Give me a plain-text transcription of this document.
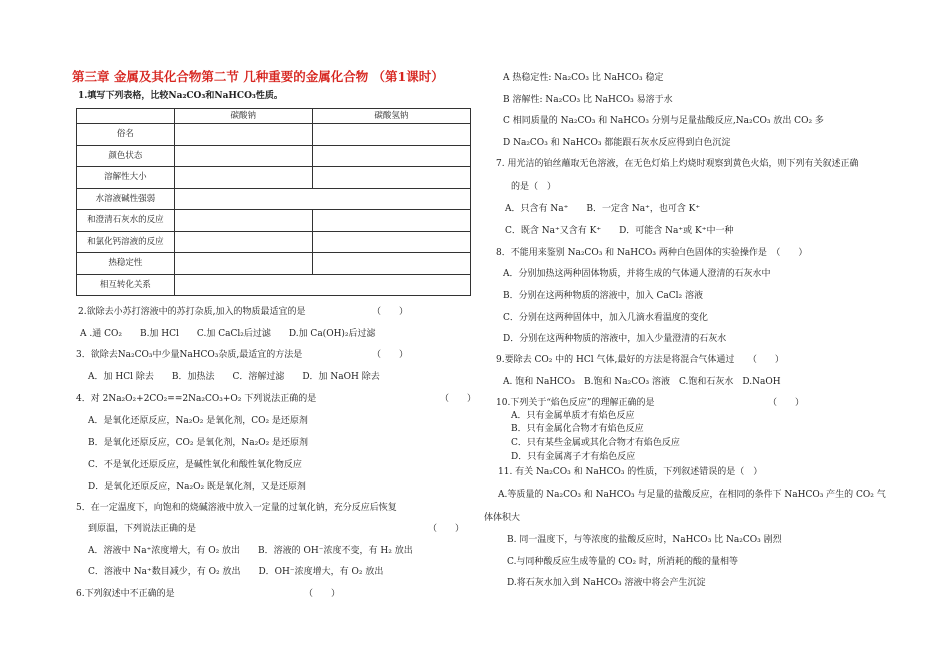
第三章 金属及其化合物第二节 几种重要的金属化合物 （第1课时）
1.填写下列表格，比较Na₂CO₃和NaHCO₃性质。
	碳酸钠	碳酸氢钠
俗名		
颜色状态		
溶解性大小		
水溶液碱性强弱		
和澄清石灰水的反应		
和氯化钙溶液的反应		
热稳定性		
相互转化关系		
2.欲除去小苏打溶液中的苏打杂质,加入的物质最适宜的是	（　　）
A .通 CO₂　　B.加 HCl　　C.加 CaCl₂后过滤　　D.加 Ca(OH)₂后过滤
3．欲除去Na₂CO₃中少量NaHCO₃杂质,最适宜的方法是	（　　）
A．加 HCl 除去　　B．加热法　　C．溶解过滤　　D．加 NaOH 除去
4．对 2Na₂O₂+2CO₂==2Na₂CO₃+O₂ 下列说法正确的是	（　　）
A．是氧化还原反应，Na₂O₂ 是氧化剂，CO₂ 是还原剂
B．是氧化还原反应，CO₂ 是氧化剂，Na₂O₂ 是还原剂
C．不是氧化还原反应，是碱性氧化和酸性氧化物反应
D．是氧化还原反应，Na₂O₂ 既是氧化剂，又是还原剂
5．在一定温度下，向饱和的烧碱溶液中放入一定量的过氧化钠，充分反应后恢复
到原温，下列说法正确的是	（　　）
A．溶液中 Na⁺浓度增大，有 O₂ 放出　　B．溶液的 OH⁻浓度不变，有 H₂ 放出
C．溶液中 Na⁺数目减少，有 O₂ 放出　　D．OH⁻浓度增大，有 O₂ 放出
6.下列叙述中不正确的是	（　　）
A 热稳定性: Na₂CO₃ 比 NaHCO₃ 稳定
B 溶解性: Na₂CO₃ 比 NaHCO₃ 易溶于水
C 相同质量的 Na₂CO₃ 和 NaHCO₃ 分别与足量盐酸反应,Na₂CO₃ 放出 CO₂ 多
D Na₂CO₃ 和 NaHCO₃ 都能跟石灰水反应得到白色沉淀
7. 用光洁的铂丝蘸取无色溶液，在无色灯焰上灼烧时观察到黄色火焰，则下列有关叙述正确
的是（　）
A．只含有 Na⁺　　B．一定含 Na⁺，也可含 K⁺
C．既含 Na⁺又含有 K⁺　　D．可能含 Na⁺或 K⁺中一种
8．不能用来鉴别 Na₂CO₃ 和 NaHCO₃ 两种白色固体的实验操作是　（　　）
A．分别加热这两种固体物质，并将生成的气体通人澄清的石灰水中
B．分别在这两种物质的溶液中，加入 CaCl₂ 溶液
C．分别在这两种固体中，加入几滴水看温度的变化
D．分别在这两种物质的溶液中，加入少量澄清的石灰水
9.要除去 CO₂ 中的 HCl 气体,最好的方法是将混合气体通过　　（　　）
A. 饱和 NaHCO₃　B.饱和 Na₂CO₃ 溶液　C.饱和石灰水　D.NaOH
10.下列关于“焰色反应”的理解正确的是	（　　）
A．只有金属单质才有焰色反应
B．只有金属化合物才有焰色反应
C．只有某些金属或其化合物才有焰色反应
D．只有金属离子才有焰色反应
11. 有关 Na₂CO₃ 和 NaHCO₃ 的性质，下列叙述错误的是（　）
A.等质量的 Na₂CO₃ 和 NaHCO₃ 与足量的盐酸反应，在相同的条件下 NaHCO₃ 产生的 CO₂ 气
体体积大
B. 同一温度下，与等浓度的盐酸反应时，NaHCO₃ 比 Na₂CO₃ 剧烈
C.与同种酸反应生成等量的 CO₂ 时，所消耗的酸的量相等
D.将石灰水加入到 NaHCO₃ 溶液中将会产生沉淀
